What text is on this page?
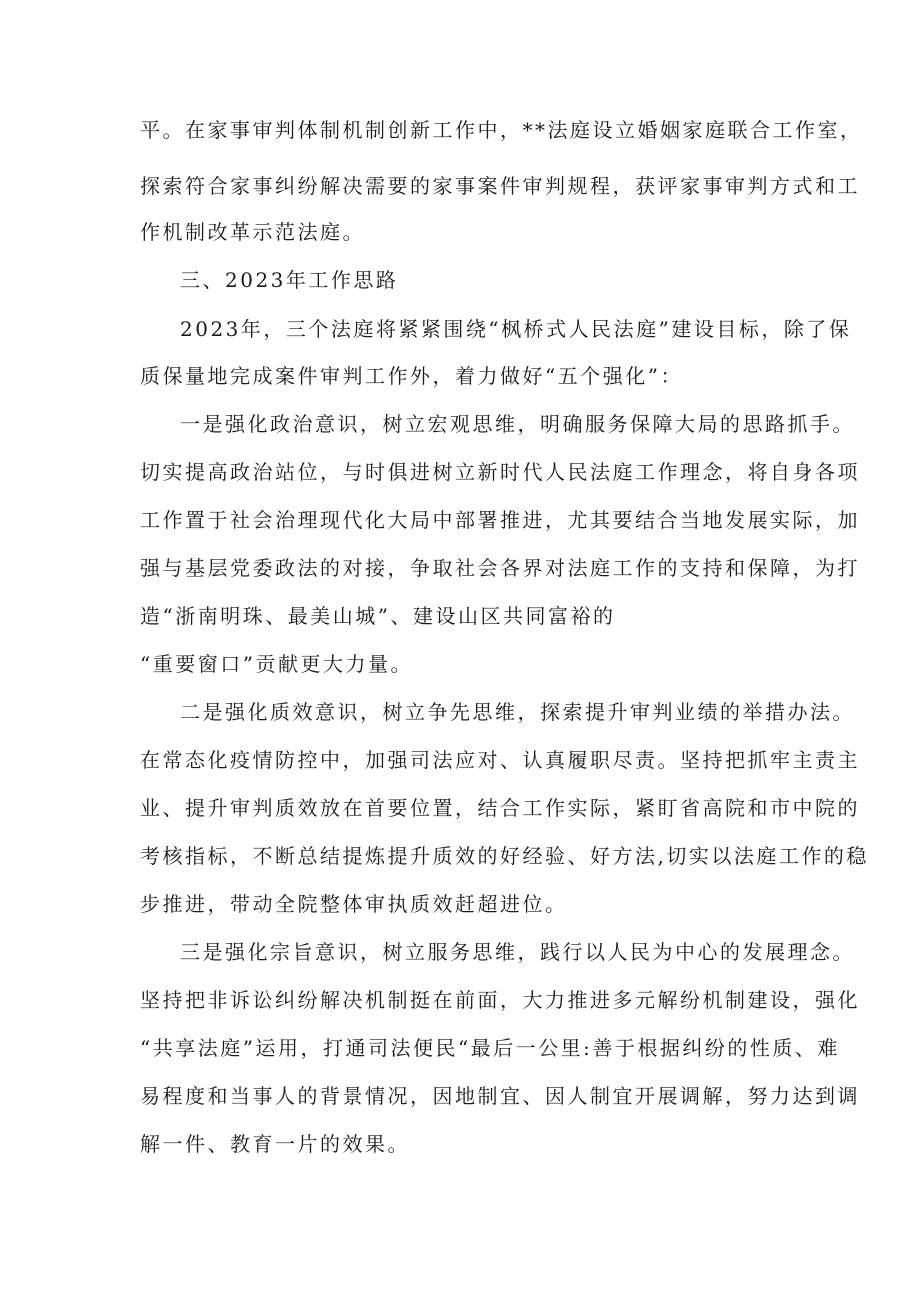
平。在家事审判体制机制创新工作中，**法庭设立婚姻家庭联合工作室，
探索符合家事纠纷解决需要的家事案件审判规程，获评家事审判方式和工
作机制改革示范法庭。
三、2023年工作思路
2023年，三个法庭将紧紧围绕“枫桥式人民法庭”建设目标，除了保
质保量地完成案件审判工作外，着力做好“五个强化”：
一是强化政治意识，树立宏观思维，明确服务保障大局的思路抓手。
切实提高政治站位，与时俱进树立新时代人民法庭工作理念，将自身各项
工作置于社会治理现代化大局中部署推进，尤其要结合当地发展实际，加
强与基层党委政法的对接，争取社会各界对法庭工作的支持和保障，为打
造“浙南明珠、最美山城”、建设山区共同富裕的
“重要窗口”贡献更大力量。
二是强化质效意识，树立争先思维，探索提升审判业绩的举措办法。
在常态化疫情防控中，加强司法应对、认真履职尽责。坚持把抓牢主责主
业、提升审判质效放在首要位置，结合工作实际，紧盯省高院和市中院的
考核指标，不断总结提炼提升质效的好经验、好方法,切实以法庭工作的稳
步推进，带动全院整体审执质效赶超进位。
三是强化宗旨意识，树立服务思维，践行以人民为中心的发展理念。
坚持把非诉讼纠纷解决机制挺在前面，大力推进多元解纷机制建设，强化
“共享法庭”运用，打通司法便民“最后一公里:善于根据纠纷的性质、难
易程度和当事人的背景情况，因地制宜、因人制宜开展调解，努力达到调
解一件、教育一片的效果。
